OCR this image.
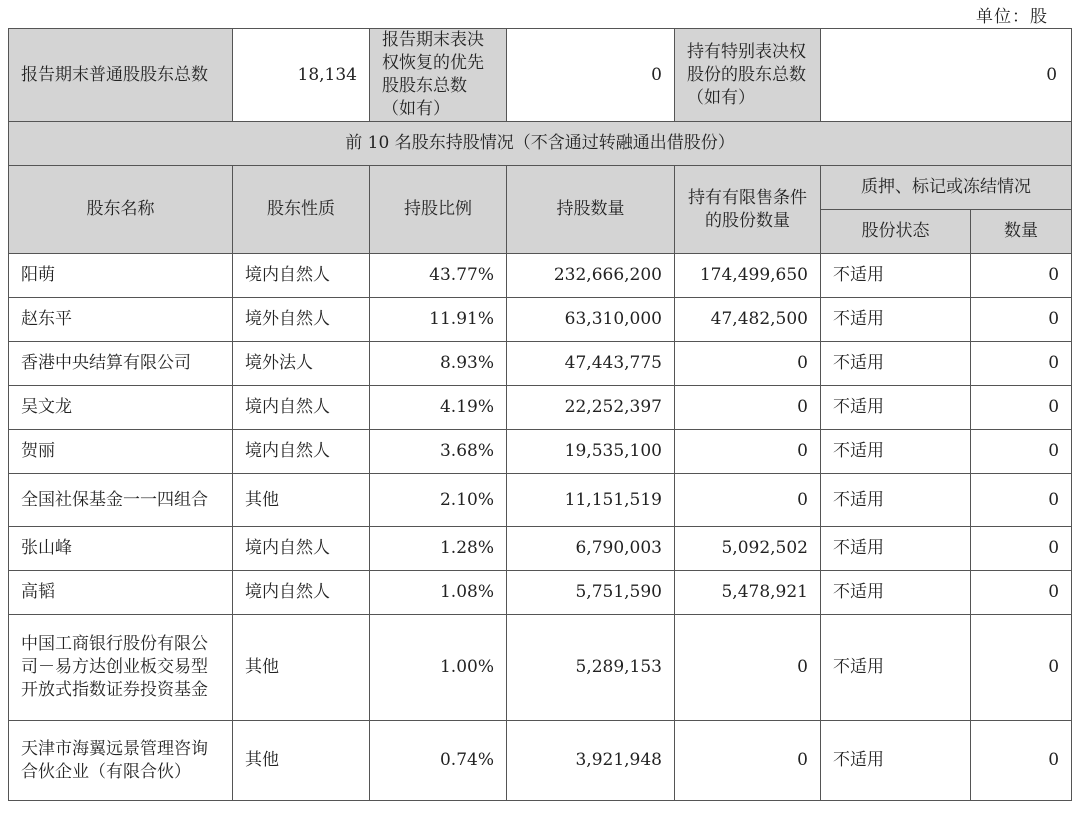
单位：股
报告期末普通股股东总数	18,134	报告期末表决权恢复的优先股股东总数（如有）	0	持有特别表决权股份的股东总数（如有）	0	
前 10 名股东持股情况（不含通过转融通出借股份）						
股东名称	股东性质	持股比例	持股数量	持有有限售条件的股份数量	质押、标记或冻结情况	
					股份状态	数量
阳萌	境内自然人	43.77%	232,666,200	174,499,650	不适用	0
赵东平	境外自然人	11.91%	63,310,000	47,482,500	不适用	0
香港中央结算有限公司	境外法人	8.93%	47,443,775	0	不适用	0
吴文龙	境内自然人	4.19%	22,252,397	0	不适用	0
贺丽	境内自然人	3.68%	19,535,100	0	不适用	0
全国社保基金一一四组合	其他	2.10%	11,151,519	0	不适用	0
张山峰	境内自然人	1.28%	6,790,003	5,092,502	不适用	0
高韬	境内自然人	1.08%	5,751,590	5,478,921	不适用	0
中国工商银行股份有限公司－易方达创业板交易型开放式指数证券投资基金	其他	1.00%	5,289,153	0	不适用	0
天津市海翼远景管理咨询合伙企业（有限合伙）	其他	0.74%	3,921,948	0	不适用	0
